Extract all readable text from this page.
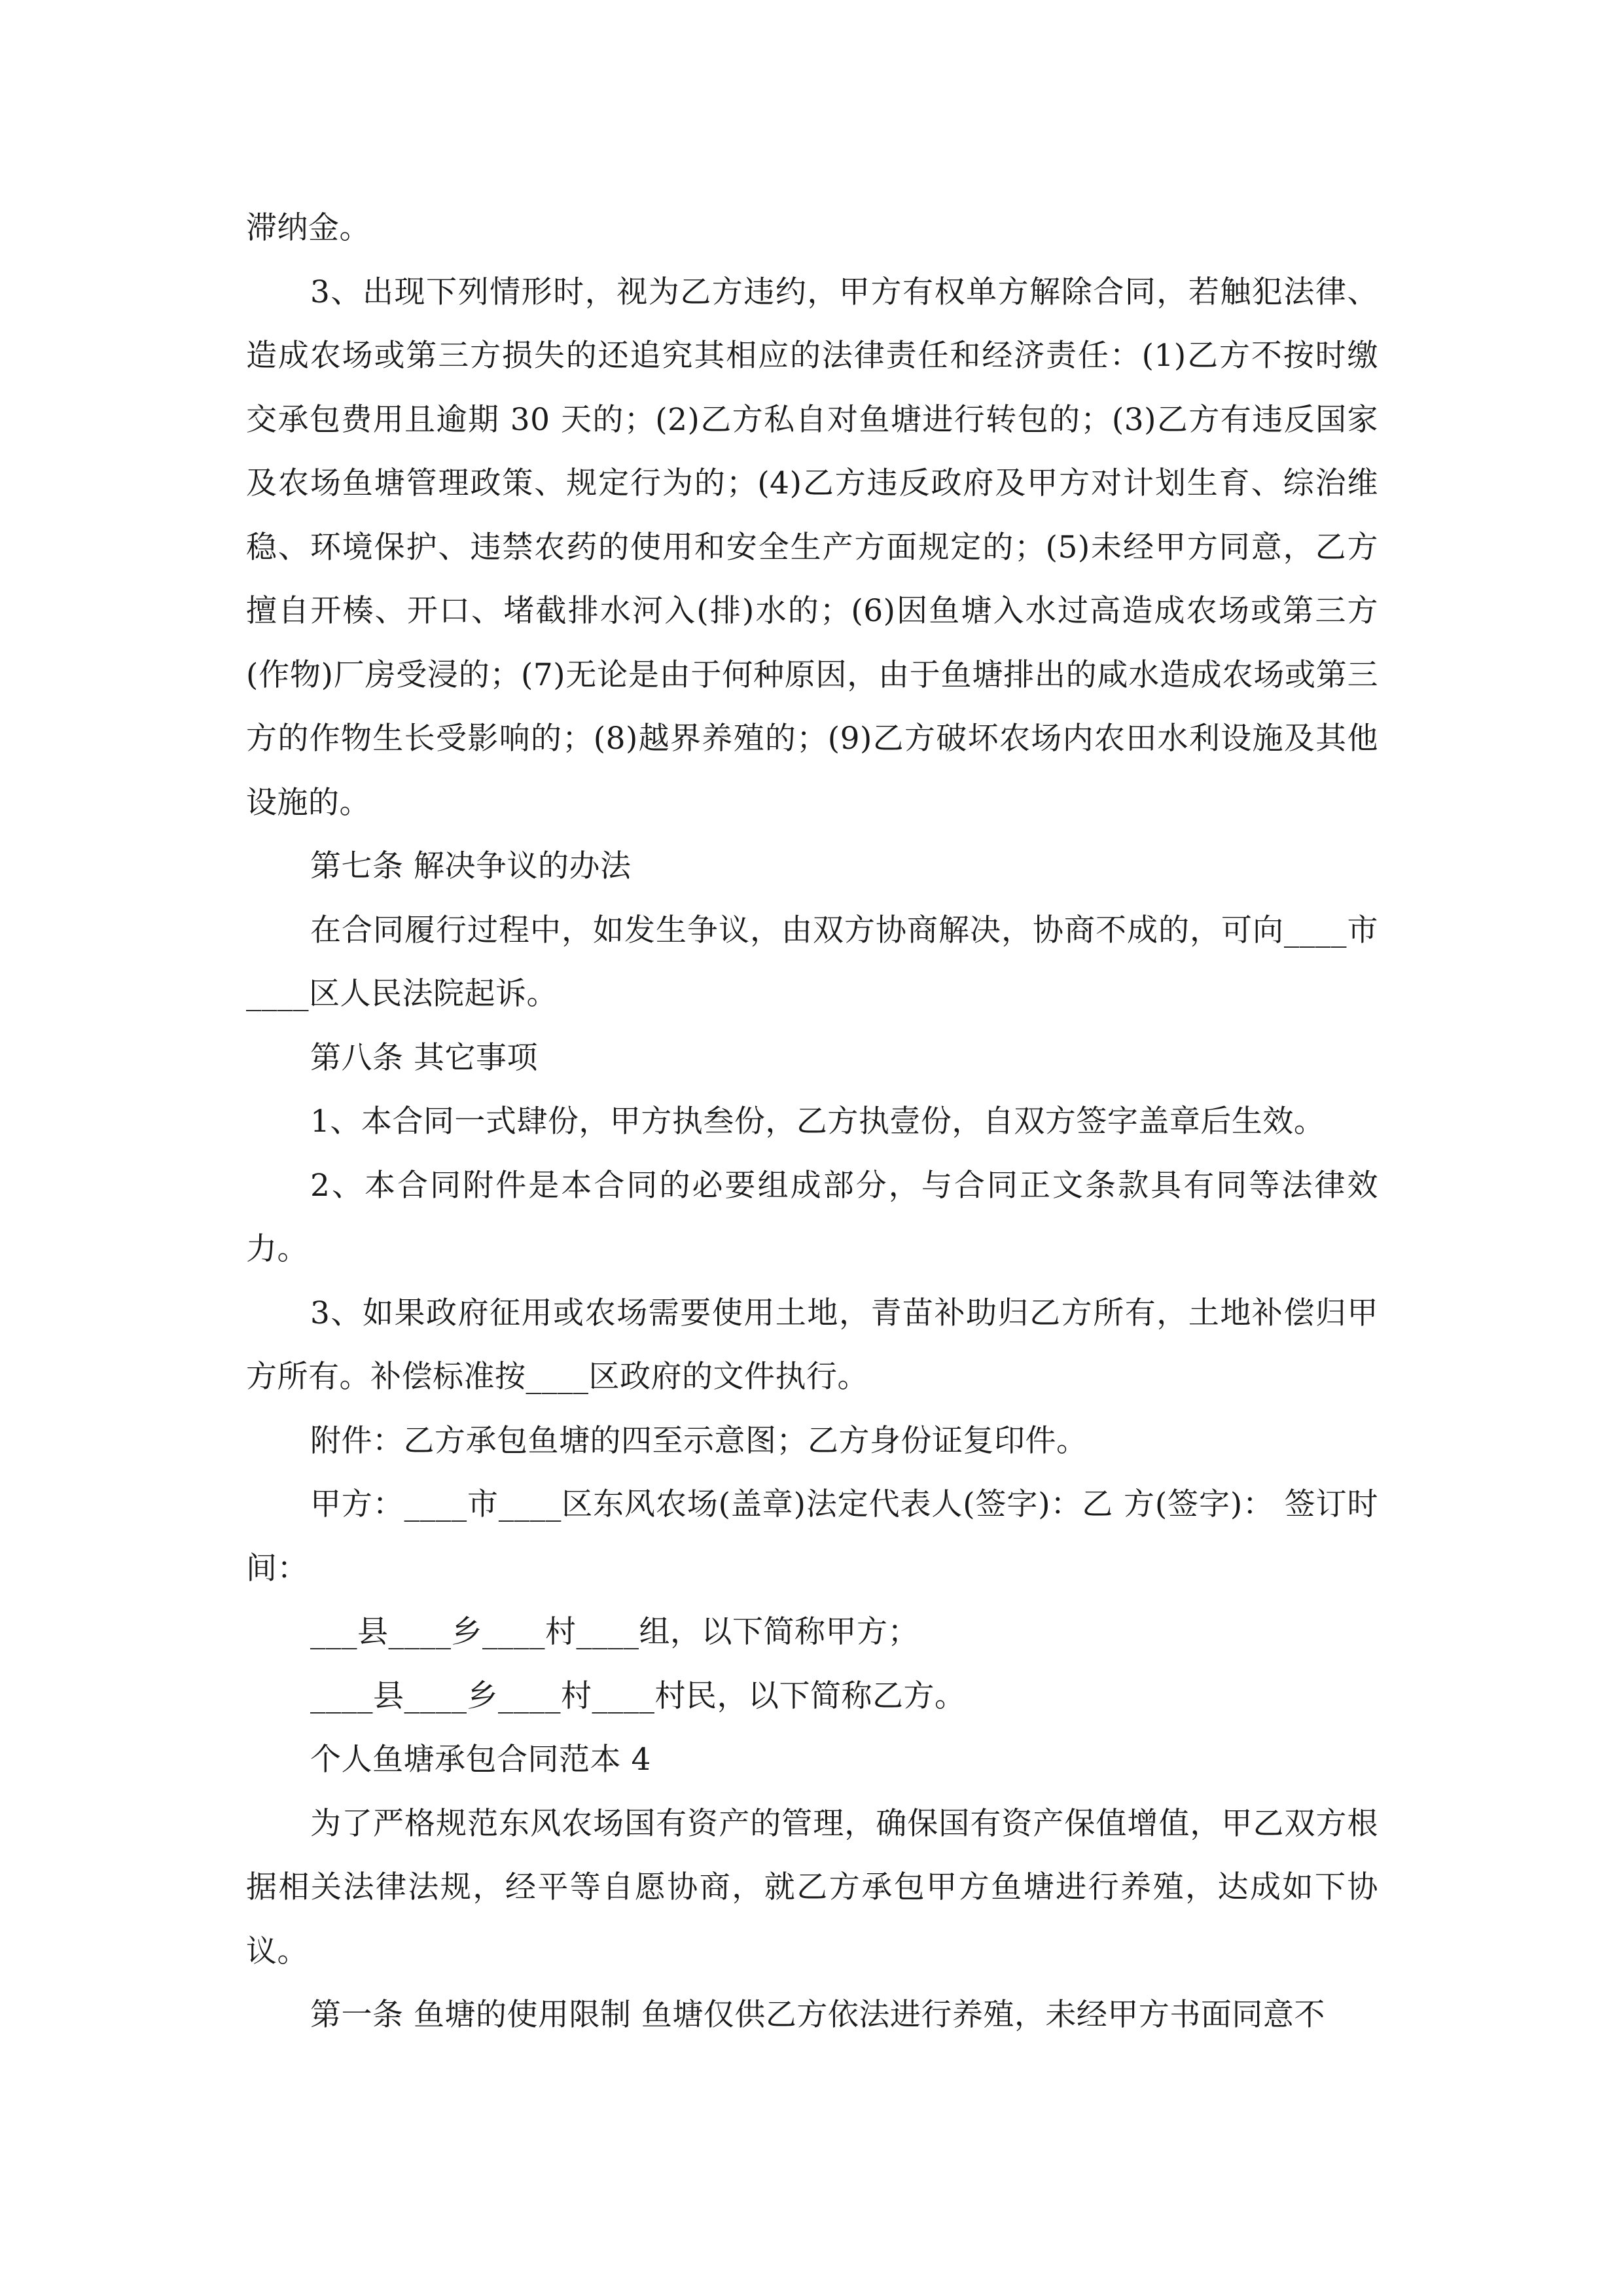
滞纳金。

3、出现下列情形时，视为乙方违约，甲方有权单方解除合同，若触犯法律、造成农场或第三方损失的还追究其相应的法律责任和经济责任：(1)乙方不按时缴交承包费用且逾期 30 天的；(2)乙方私自对鱼塘进行转包的；(3)乙方有违反国家及农场鱼塘管理政策、规定行为的；(4)乙方违反政府及甲方对计划生育、综治维稳、环境保护、违禁农药的使用和安全生产方面规定的；(5)未经甲方同意，乙方擅自开楱、开口、堵截排水河入(排)水的；(6)因鱼塘入水过高造成农场或第三方(作物)厂房受浸的；(7)无论是由于何种原因，由于鱼塘排出的咸水造成农场或第三方的作物生长受影响的；(8)越界养殖的；(9)乙方破坏农场内农田水利设施及其他设施的。

第七条 解决争议的办法

在合同履行过程中，如发生争议，由双方协商解决，协商不成的，可向____市____区人民法院起诉。

第八条 其它事项

1、本合同一式肆份，甲方执叁份，乙方执壹份，自双方签字盖章后生效。

2、本合同附件是本合同的必要组成部分，与合同正文条款具有同等法律效力。

3、如果政府征用或农场需要使用土地，青苗补助归乙方所有，土地补偿归甲方所有。补偿标准按____区政府的文件执行。

附件：乙方承包鱼塘的四至示意图；乙方身份证复印件。

甲方：____市____区东风农场(盖章)法定代表人(签字)：乙 方(签字)： 签订时间：

___县____乡____村____组，以下简称甲方；

____县____乡____村____村民，以下简称乙方。

个人鱼塘承包合同范本 4

为了严格规范东风农场国有资产的管理，确保国有资产保值增值，甲乙双方根据相关法律法规，经平等自愿协商，就乙方承包甲方鱼塘进行养殖，达成如下协议。

第一条 鱼塘的使用限制 鱼塘仅供乙方依法进行养殖，未经甲方书面同意不
